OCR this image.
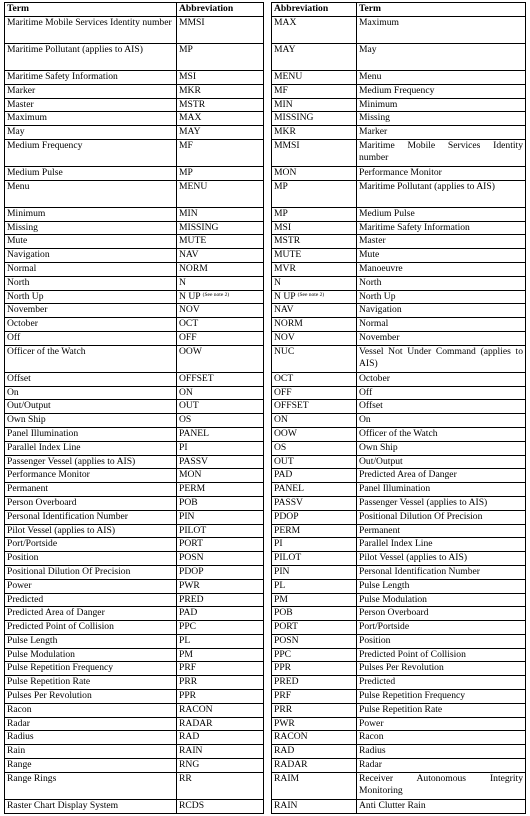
Term	Abbreviation
Maritime Mobile Services Identity number	MMSI
Maritime Pollutant (applies to AIS)	MP
Maritime Safety Information	MSI
Marker	MKR
Master	MSTR
Maximum	MAX
May	MAY
Medium Frequency	MF
Medium Pulse	MP
Menu	MENU
Minimum	MIN
Missing	MISSING
Mute	MUTE
Navigation	NAV
Normal	NORM
North	N
North Up	N UP $^{(See note 2)}$
November	NOV
October	OCT
Off	OFF
Officer of the Watch	OOW
Offset	OFFSET
On	ON
Out/Output	OUT
Own Ship	OS
Panel Illumination	PANEL
Parallel Index Line	PI
Passenger Vessel (applies to AIS)	PASSV
Performance Monitor	MON
Permanent	PERM
Person Overboard	POB
Personal Identification Number	PIN
Pilot Vessel (applies to AIS)	PILOT
Port/Portside	PORT
Position	POSN
Positional Dilution Of Precision	PDOP
Power	PWR
Predicted	PRED
Predicted Area of Danger	PAD
Predicted Point of Collision	PPC
Pulse Length	PL
Pulse Modulation	PM
Pulse Repetition Frequency	PRF
Pulse Repetition Rate	PRR
Pulses Per Revolution	PPR
Racon	RACON
Radar	RADAR
Radius	RAD
Rain	RAIN
Range	RNG
Range Rings	RR
Raster Chart Display System	RCDS
Abbreviation	Term
MAX	Maximum
MAY	May
MENU	Menu
MF	Medium Frequency
MIN	Minimum
MISSING	Missing
MKR	Marker
MMSI	Maritime Mobile Services Identity number
MON	Performance Monitor
MP	Maritime Pollutant (applies to AIS)
MP	Medium Pulse
MSI	Maritime Safety Information
MSTR	Master
MUTE	Mute
MVR	Manoeuvre
N	North
N UP $^{(See note 2)}$	North Up
NAV	Navigation
NORM	Normal
NOV	November
NUC	Vessel Not Under Command (applies to AIS)
OCT	October
OFF	Off
OFFSET	Offset
ON	On
OOW	Officer of the Watch
OS	Own Ship
OUT	Out/Output
PAD	Predicted Area of Danger
PANEL	Panel Illumination
PASSV	Passenger Vessel (applies to AIS)
PDOP	Positional Dilution Of Precision
PERM	Permanent
PI	Parallel Index Line
PILOT	Pilot Vessel (applies to AIS)
PIN	Personal Identification Number
PL	Pulse Length
PM	Pulse Modulation
POB	Person Overboard
PORT	Port/Portside
POSN	Position
PPC	Predicted Point of Collision
PPR	Pulses Per Revolution
PRED	Predicted
PRF	Pulse Repetition Frequency
PRR	Pulse Repetition Rate
PWR	Power
RACON	Racon
RAD	Radius
RADAR	Radar
RAIM	Receiver Autonomous Integrity Monitoring
RAIN	Anti Clutter Rain
